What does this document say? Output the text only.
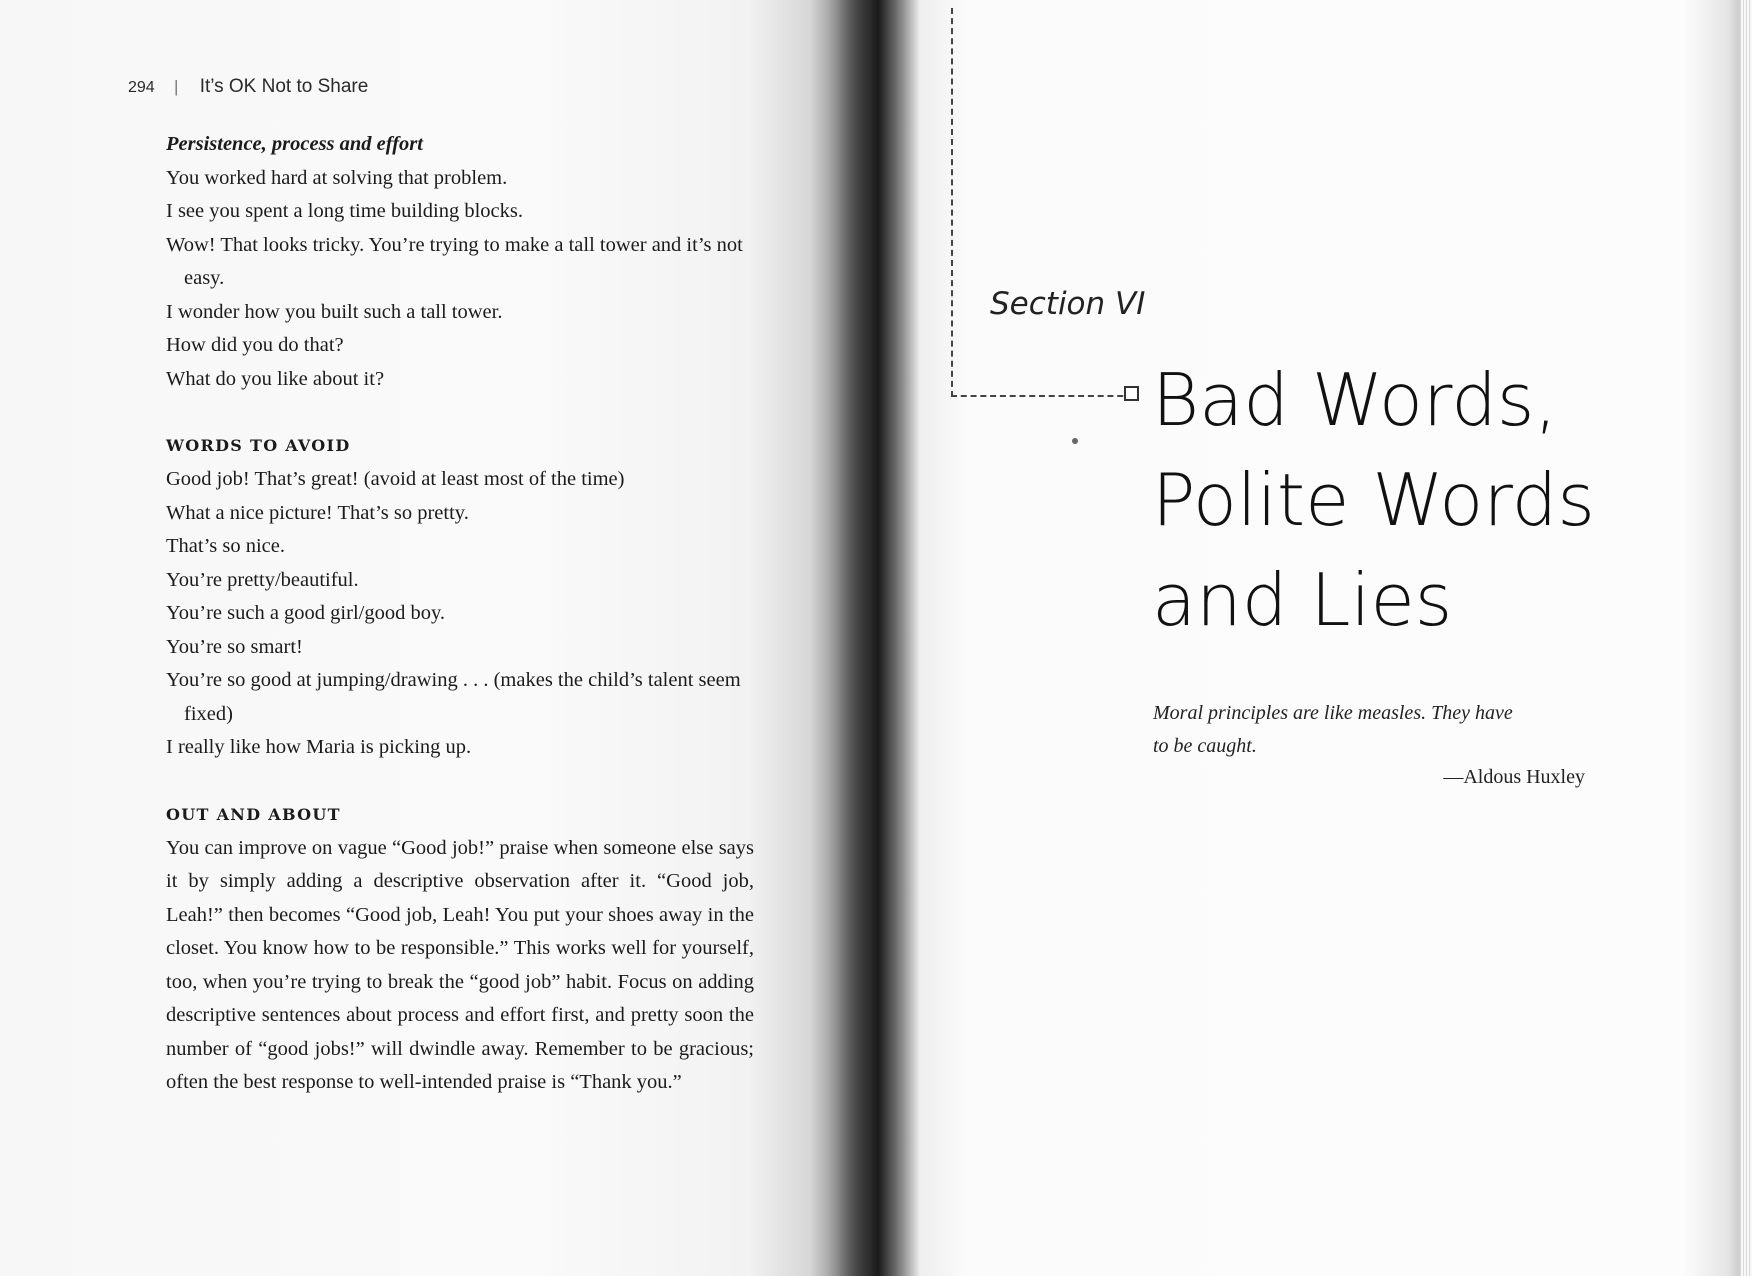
294 | It’s OK Not to Share

Persistence, process and effort

You worked hard at solving that problem.

I see you spent a long time building blocks.

Wow! That looks tricky. You’re trying to make a tall tower and it’s not easy.

I wonder how you built such a tall tower.

How did you do that?

What do you like about it?

WORDS TO AVOID

Good job! That’s great! (avoid at least most of the time)

What a nice picture! That’s so pretty.

That’s so nice.

You’re pretty/beautiful.

You’re such a good girl/good boy.

You’re so smart!

You’re so good at jumping/drawing . . . (makes the child’s talent seem fixed)

I really like how Maria is picking up.

OUT AND ABOUT

You can improve on vague “Good job!” praise when someone else says it by simply adding a descriptive observation after it. “Good job, Leah!” then becomes “Good job, Leah! You put your shoes away in the closet. You know how to be responsible.” This works well for yourself, too, when you’re trying to break the “good job” habit. Focus on adding descriptive sentences about process and effort first, and pretty soon the number of “good jobs!” will dwindle away. Remember to be gracious; often the best response to well-intended praise is “Thank you.”

Section VI
Bad Words,
Polite Words
and Lies
Moral principles are like measles. They have
to be caught.
—Aldous Huxley
